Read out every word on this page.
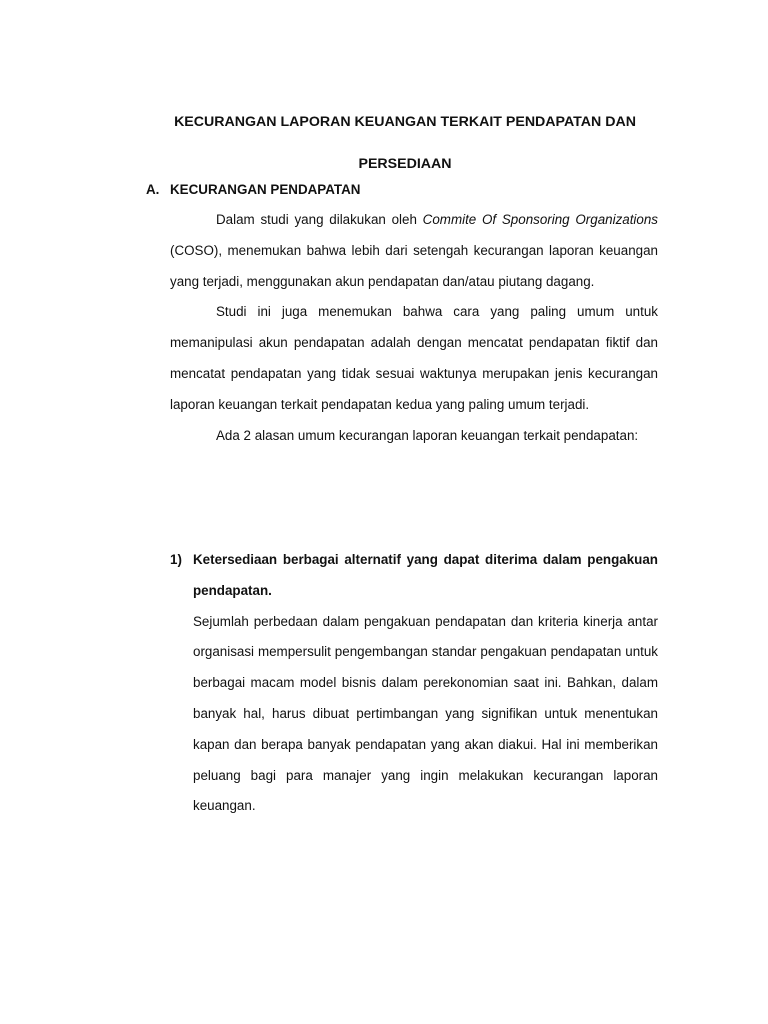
KECURANGAN LAPORAN KEUANGAN TERKAIT PENDAPATAN DAN
PERSEDIAAN
A. KECURANGAN PENDAPATAN

Dalam studi yang dilakukan oleh Commite Of Sponsoring Organizations (COSO), menemukan bahwa lebih dari setengah kecurangan laporan keuangan yang terjadi, menggunakan akun pendapatan dan/atau piutang dagang.

Studi ini juga menemukan bahwa cara yang paling umum untuk memanipulasi akun pendapatan adalah dengan mencatat pendapatan fiktif dan mencatat pendapatan yang tidak sesuai waktunya merupakan jenis kecurangan laporan keuangan terkait pendapatan kedua yang paling umum terjadi.

Ada 2 alasan umum kecurangan laporan keuangan terkait pendapatan:

1) Ketersediaan berbagai alternatif yang dapat diterima dalam pengakuan pendapatan.

Sejumlah perbedaan dalam pengakuan pendapatan dan kriteria kinerja antar organisasi mempersulit pengembangan standar pengakuan pendapatan untuk berbagai macam model bisnis dalam perekonomian saat ini. Bahkan, dalam banyak hal, harus dibuat pertimbangan yang signifikan untuk menentukan kapan dan berapa banyak pendapatan yang akan diakui. Hal ini memberikan peluang bagi para manajer yang ingin melakukan kecurangan laporan keuangan.
